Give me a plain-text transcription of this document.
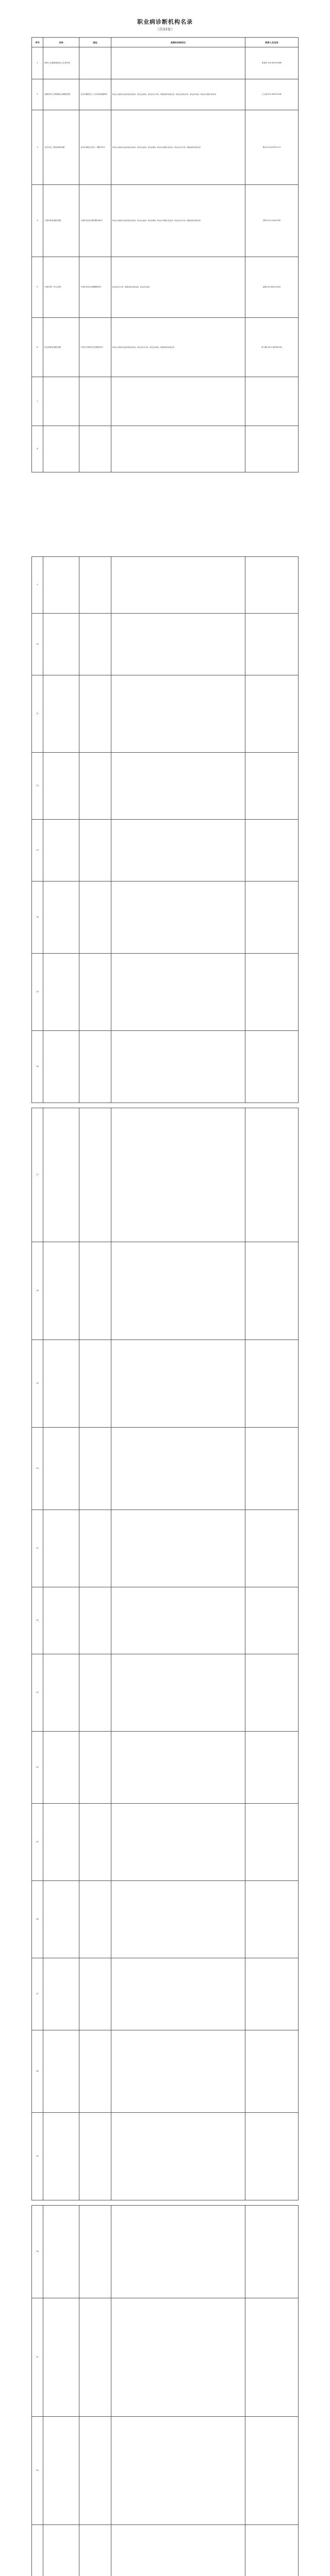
职业病诊断机构名录
（共33家）
序号	名称	地址	备案的诊断项目	联系人及电话
1	国家卫生健康委职业卫生研究所			张建芳 010-83132380
2	首都医科大学附属北京朝阳医院	北京市朝阳区工人体育场南路8号	职业性尘肺病及其他呼吸系统疾病、职业性皮肤病、职业性化学中毒、物理因素所致职业病、职业性放射性疾病、职业性传染病、职业性耳鼻喉口腔疾病	王文超 010-85231500
3	北京市化工职业病防治院	北京市海淀区香山一棵松50号	职业性尘肺病及其他呼吸系统疾病、职业性皮肤病、职业性眼病、职业性耳鼻喉口腔疾病、职业性化学中毒、物理因素所致职业病	陈岩 010-62591173
4	天津市职业病防治院	天津市河北区律纬路166号	职业性尘肺病及其他呼吸系统疾病、职业性皮肤病、职业性眼病、职业性耳鼻喉口腔疾病、职业性化学中毒、物理因素所致职业病	刘利 022-24447230
5	天津市第三中心医院	天津市河东区津塘路83号	职业性化学中毒、物理因素所致职业病、职业性传染病	邵晓 022-84112025
6	河北省职业病防治院	石家庄市新华区民族路35号	职业性尘肺病及其他呼吸系统疾病、职业性化学中毒、职业性皮肤病、物理因素所致职业病	李立鹏 0311-86955502
7				
8				
9				
10				
11				
12				
13				
14				
15				
16				
17				
18				
19				
20				
21				
22				
23				
24				
25				
26				
27				
28				
29				
30				
31				
32				
